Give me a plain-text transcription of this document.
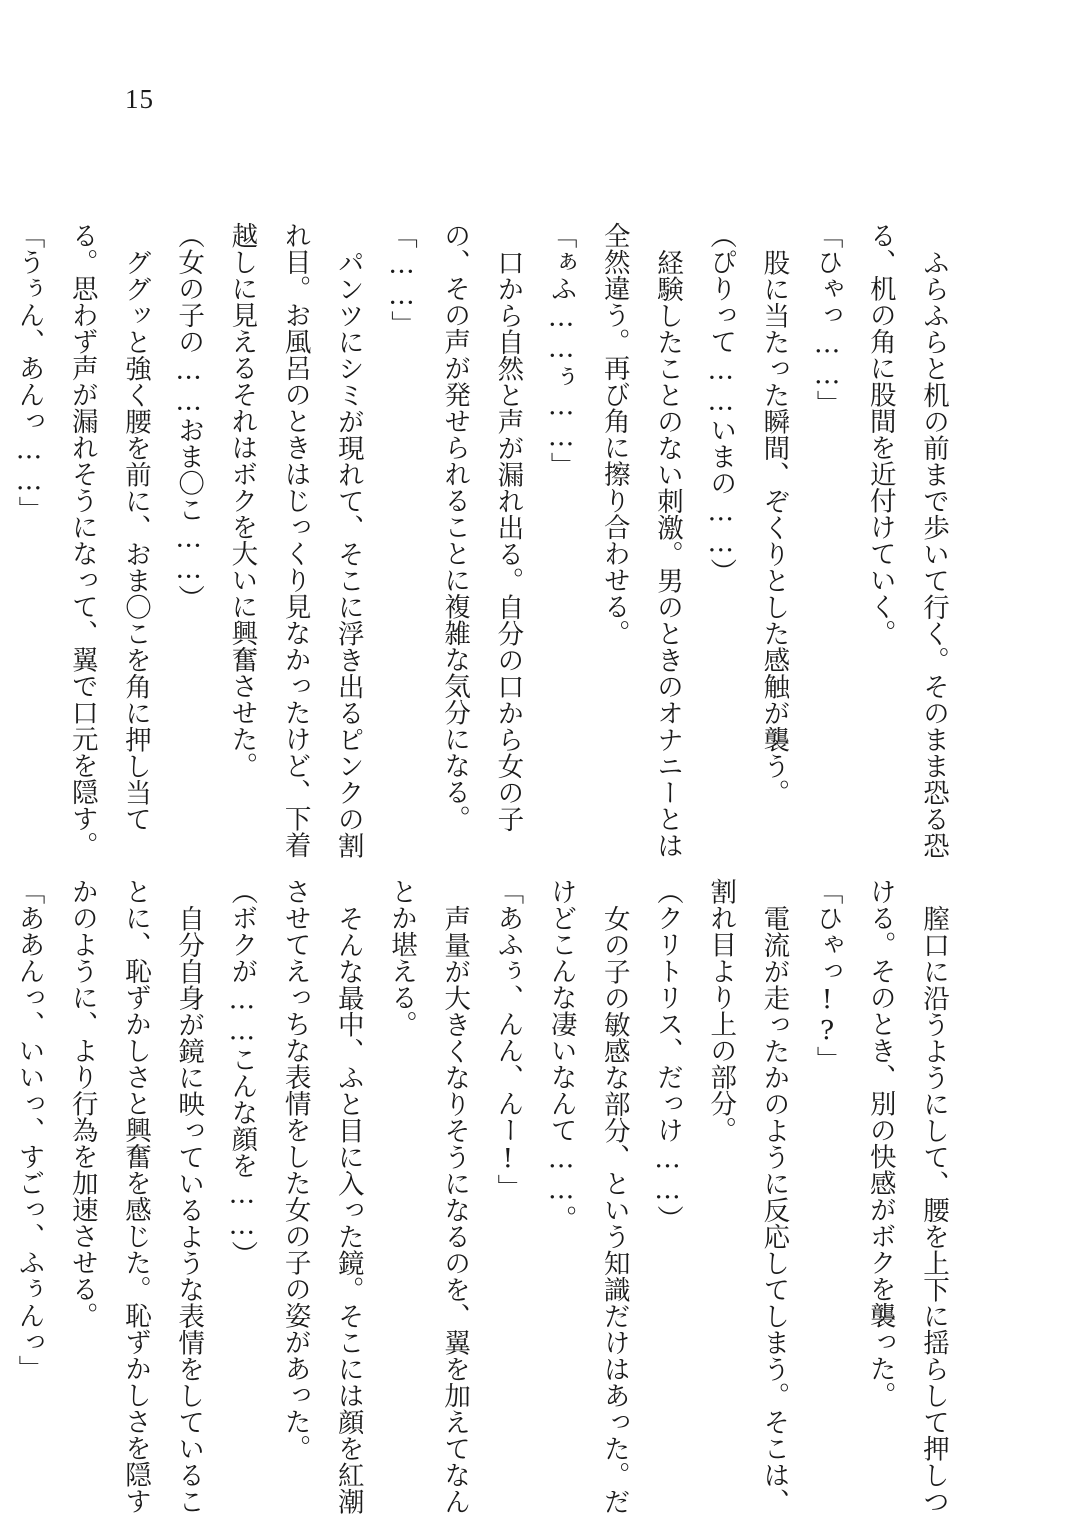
15
ふらふらと机の前まで歩いて行く。そのまま恐る恐
る、机の角に股間を近付けていく。
「ひゃっ……」
股に当たった瞬間、ぞくりとした感触が襲う。
（ぴりって……いまの……）
経験したことのない刺激。男のときのオナニーとは
全然違う。再び角に擦り合わせる。
「ぁふ……ぅ……」
口から自然と声が漏れ出る。自分の口から女の子
の、その声が発せられることに複雑な気分になる。
「……」
パンツにシミが現れて、そこに浮き出るピンクの割
れ目。お風呂のときはじっくり見なかったけど、下着
越しに見えるそれはボクを大いに興奮させた。
（女の子の……おま〇こ……）
ググッと強く腰を前に、おま〇こを角に押し当て
る。思わず声が漏れそうになって、翼で口元を隠す。
「うぅん、あんっ……」
膣口に沿うようにして、腰を上下に揺らして押しつ
ける。そのとき、別の快感がボクを襲った。
「ひゃっ!?」
電流が走ったかのように反応してしまう。そこは、
割れ目より上の部分。
（クリトリス、だっけ……）
女の子の敏感な部分、という知識だけはあった。だ
けどこんな凄いなんて……。
「あふぅ、んん、んー!」
声量が大きくなりそうになるのを、翼を加えてなん
とか堪える。
そんな最中、ふと目に入った鏡。そこには顔を紅潮
させてえっちな表情をした女の子の姿があった。
（ボクが……こんな顔を……）
自分自身が鏡に映っているような表情をしているこ
とに、恥ずかしさと興奮を感じた。恥ずかしさを隠す
かのように、より行為を加速させる。
「ああんっ、いいっ、すごっ、ふぅんっ」
